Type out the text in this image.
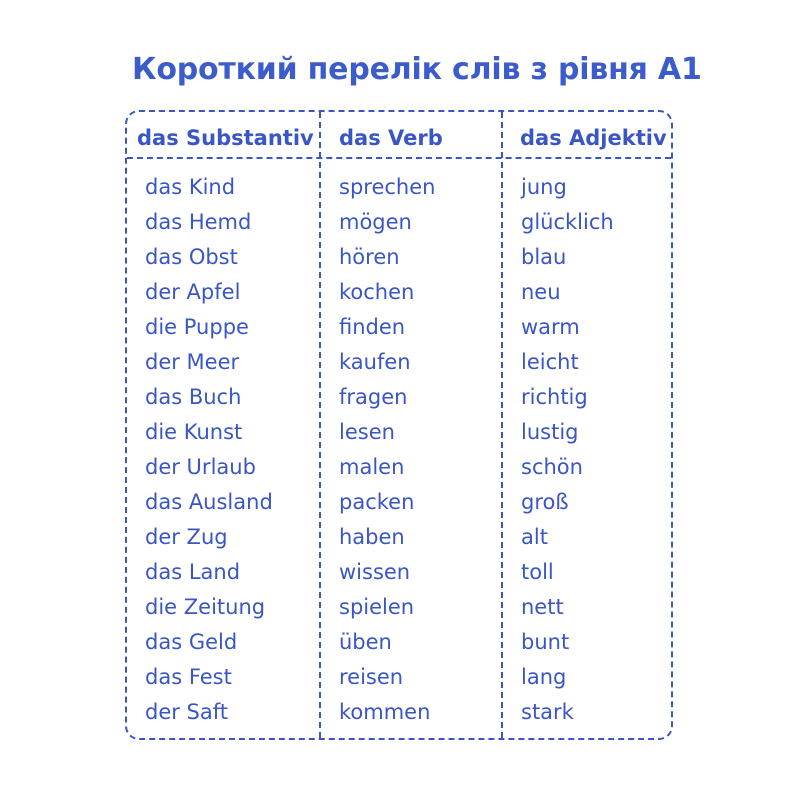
Короткий перелік слів з рівня A1
das Substantiv das Verb	das Adjektiv
das Kind
das Hemd
das Obst
der Apfel
die Puppe
der Meer
das Buch
die Kunst
der Urlaub
das Ausland
der Zug
das Land
die Zeitung
das Geld
das Fest
der Saft
sprechen
mögen
hören
kochen
finden
kaufen
fragen
lesen
malen
packen
haben
wissen
spielen
üben
reisen
kommen
jung
glücklich
blau
neu
warm
leicht
richtig
lustig
schön
groß
alt
toll
nett
bunt
lang
stark
